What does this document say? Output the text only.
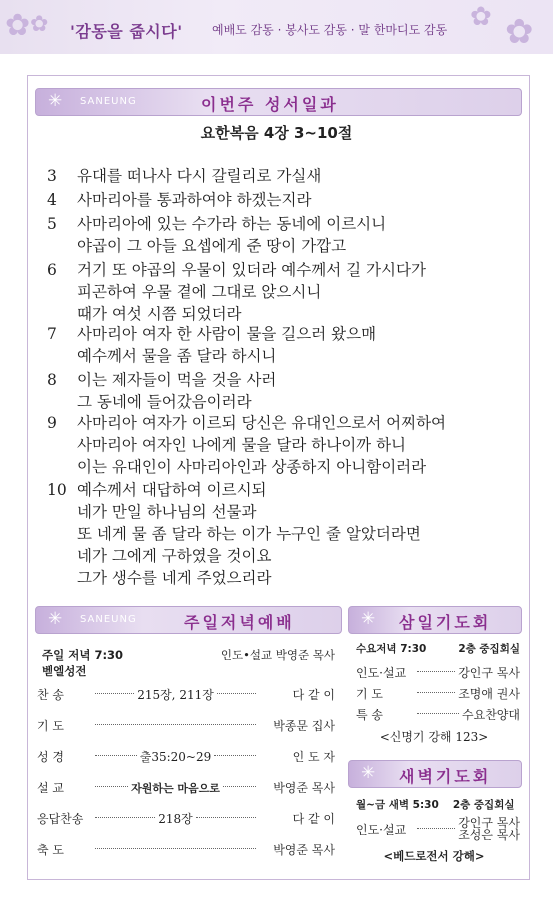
✿ ✿	✿ ✿
'감동을 줍시다' 예배도 감동 · 봉사도 감동 · 말 한마디도 감동
✳ SANEUNG	이번주 성서일과
요한복음 4장 3~10절
3	유대를 떠나사 다시 갈릴리로 가실새
4	사마리아를 통과하여야 하겠는지라
5	사마리아에 있는 수가라 하는 동네에 이르시니
야곱이 그 아들 요셉에게 준 땅이 가깝고
6	거기 또 야곱의 우물이 있더라 예수께서 길 가시다가
피곤하여 우물 곁에 그대로 앉으시니
때가 여섯 시쯤 되었더라
7	사마리아 여자 한 사람이 물을 길으러 왔으매
예수께서 물을 좀 달라 하시니
8	이는 제자들이 먹을 것을 사러
그 동네에 들어갔음이러라
9	사마리아 여자가 이르되 당신은 유대인으로서 어찌하여
사마리아 여자인 나에게 물을 달라 하나이까 하니
이는 유대인이 사마리아인과 상종하지 아니함이러라
10 예수께서 대답하여 이르시되
네가 만일 하나님의 선물과
또 네게 물 좀 달라 하는 이가 누구인 줄 알았더라면
네가 그에게 구하였을 것이요
그가 생수를 네게 주었으리라
✳ SANEUNG	주일저녁예배
주일 저녁 7:30	인도•설교 박영준 목사
벧엘성전
찬 송	215장, 211장	다 같 이
기 도	박종문 집사
성 경	출35:20~29	인 도 자
설 교	자원하는 마음으로	박영준 목사
응답찬송	218장	다 같 이
축 도	박영준 목사
✳ 삼일기도회
수요저녁 7:30	2층 중집회실
인도·설교	강인구 목사
기 도	조명애 권사
특 송	수요찬양대
<신명기 강해 123>
✳ 새벽기도회
월~금 새벽 5:30 2층 중집회실
인도·설교	강인구 목사
조성은 목사
<베드로전서 강해>
